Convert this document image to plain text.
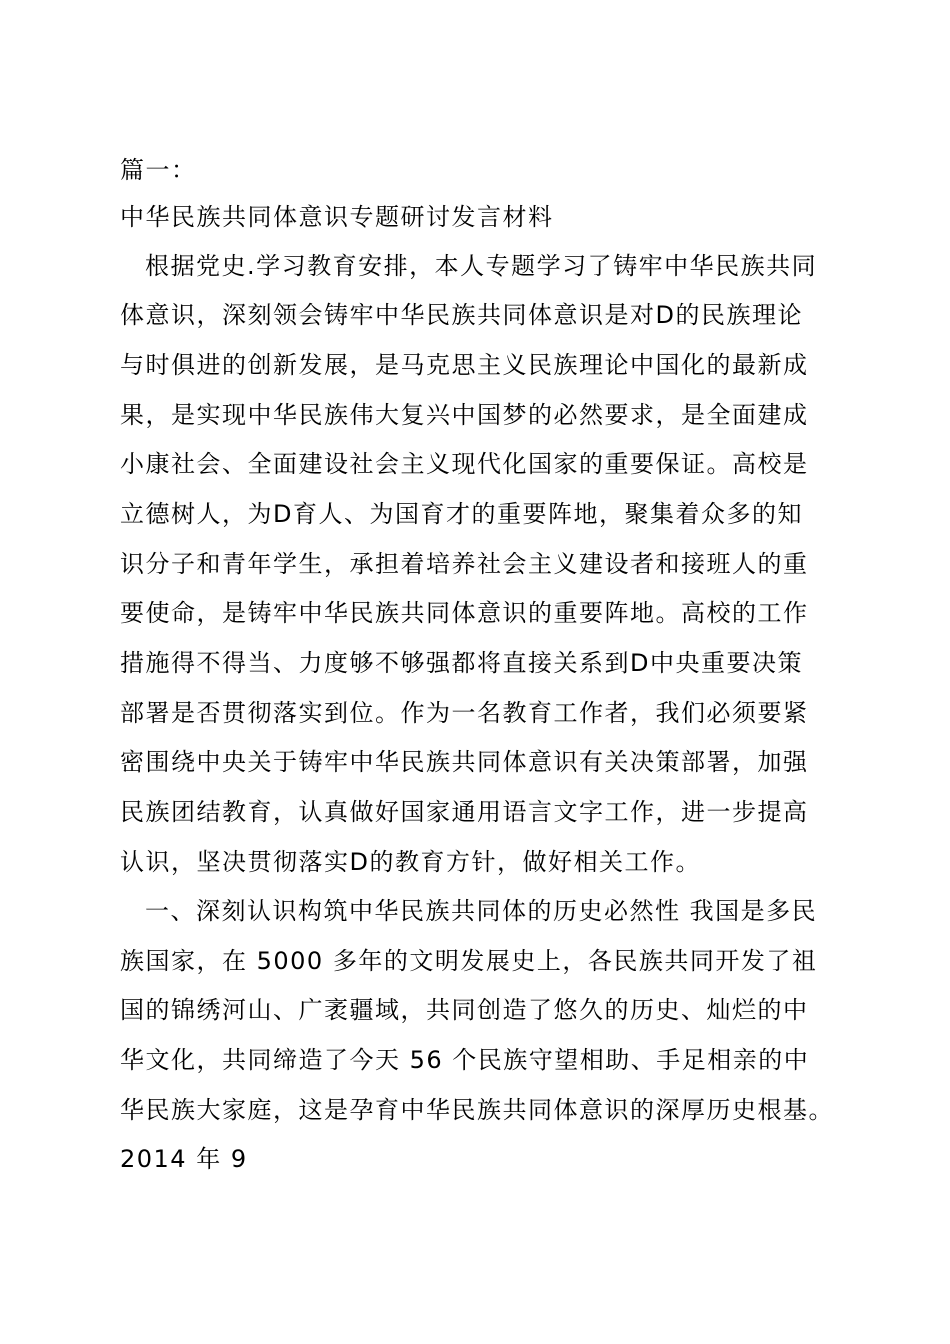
篇一：
中华民族共同体意识专题研讨发言材料
根据党史.学习教育安排，本人专题学习了铸牢中华民族共同
体意识，深刻领会铸牢中华民族共同体意识是对D的民族理论
与时俱进的创新发展，是马克思主义民族理论中国化的最新成
果，是实现中华民族伟大复兴中国梦的必然要求，是全面建成
小康社会、全面建设社会主义现代化国家的重要保证。高校是
立德树人，为D育人、为国育才的重要阵地，聚集着众多的知
识分子和青年学生，承担着培养社会主义建设者和接班人的重
要使命，是铸牢中华民族共同体意识的重要阵地。高校的工作
措施得不得当、力度够不够强都将直接关系到D中央重要决策
部署是否贯彻落实到位。作为一名教育工作者，我们必须要紧
密围绕中央关于铸牢中华民族共同体意识有关决策部署，加强
民族团结教育，认真做好国家通用语言文字工作，进一步提高
认识，坚决贯彻落实D的教育方针，做好相关工作。
一、深刻认识构筑中华民族共同体的历史必然性 我国是多民
族国家，在 5000 多年的文明发展史上，各民族共同开发了祖
国的锦绣河山、广袤疆域，共同创造了悠久的历史、灿烂的中
华文化，共同缔造了今天 56 个民族守望相助、手足相亲的中
华民族大家庭，这是孕育中华民族共同体意识的深厚历史根基。
2014 年 9
